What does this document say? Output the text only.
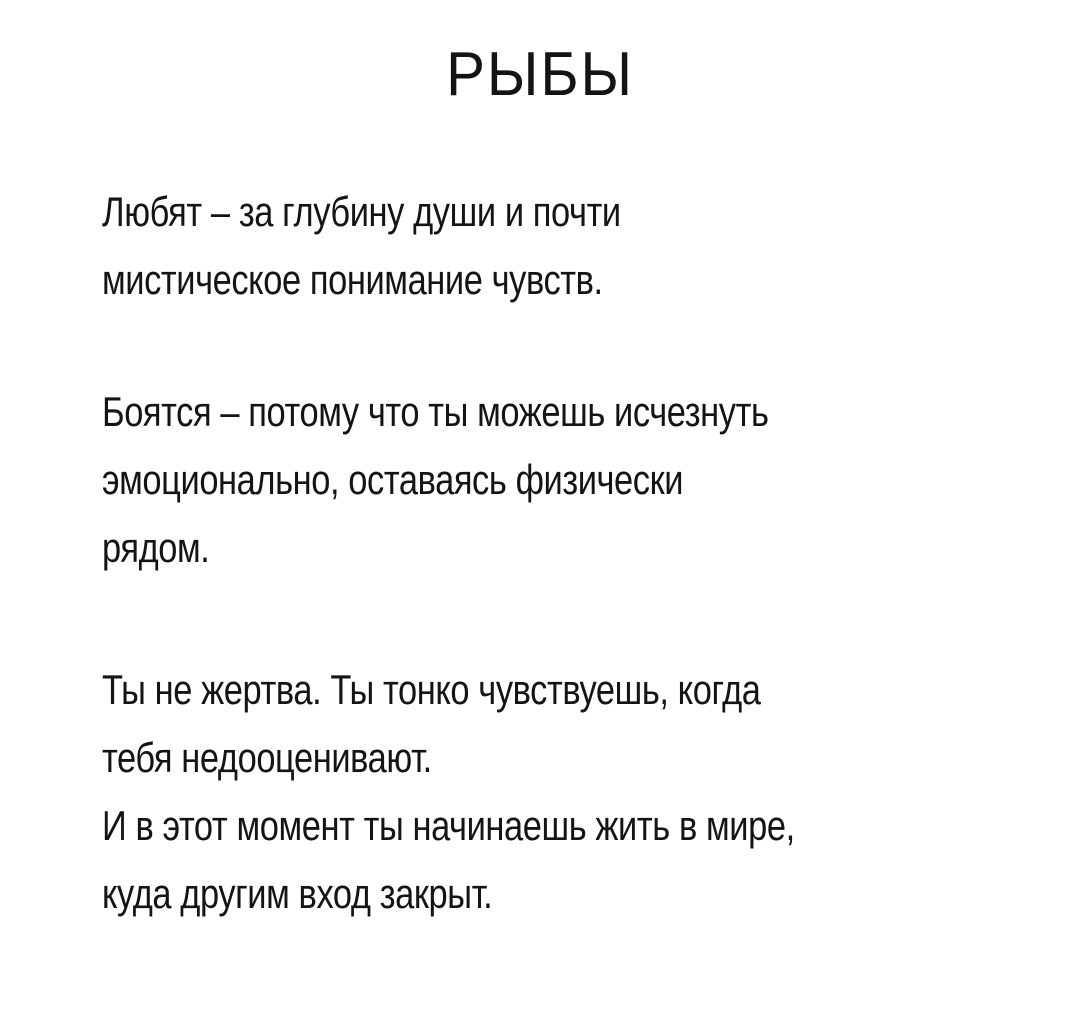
РЫБЫ

Любят – за глубину души и почти
мистическое понимание чувств.

Боятся – потому что ты можешь исчезнуть
эмоционально, оставаясь физически
рядом.

Ты не жертва. Ты тонко чувствуешь, когда
тебя недооценивают.
И в этот момент ты начинаешь жить в мире,
куда другим вход закрыт.
